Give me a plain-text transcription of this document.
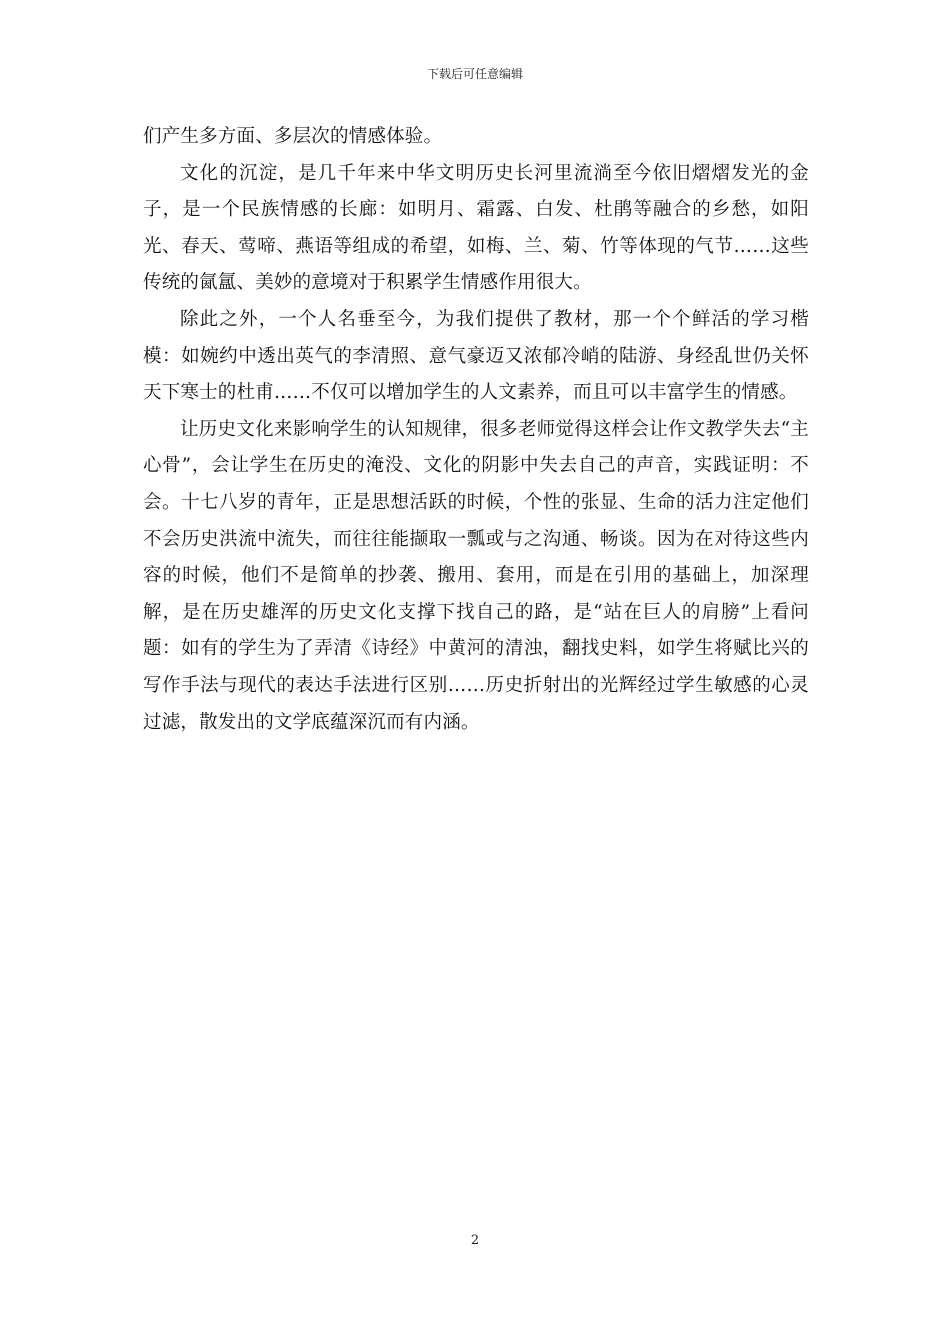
下载后可任意编辑

们产生多方面、多层次的情感体验。

文化的沉淀，是几千年来中华文明历史长河里流淌至今依旧熠熠发光的金子，是一个民族情感的长廊：如明月、霜露、白发、杜鹃等融合的乡愁，如阳光、春天、莺啼、燕语等组成的希望，如梅、兰、菊、竹等体现的气节……这些传统的氤氲、美妙的意境对于积累学生情感作用很大。

除此之外，一个人名垂至今，为我们提供了教材，那一个个鲜活的学习楷模：如婉约中透出英气的李清照、意气豪迈又浓郁冷峭的陆游、身经乱世仍关怀天下寒士的杜甫……不仅可以增加学生的人文素养，而且可以丰富学生的情感。

让历史文化来影响学生的认知规律，很多老师觉得这样会让作文教学失去“主心骨”，会让学生在历史的淹没、文化的阴影中失去自己的声音，实践证明：不会。十七八岁的青年，正是思想活跃的时候，个性的张显、生命的活力注定他们不会历史洪流中流失，而往往能撷取一瓢或与之沟通、畅谈。因为在对待这些内容的时候，他们不是简单的抄袭、搬用、套用，而是在引用的基础上，加深理解，是在历史雄浑的历史文化支撑下找自己的路，是“站在巨人的肩膀”上看问题：如有的学生为了弄清《诗经》中黄河的清浊，翻找史料，如学生将赋比兴的写作手法与现代的表达手法进行区别……历史折射出的光辉经过学生敏感的心灵过滤，散发出的文学底蕴深沉而有内涵。

2
